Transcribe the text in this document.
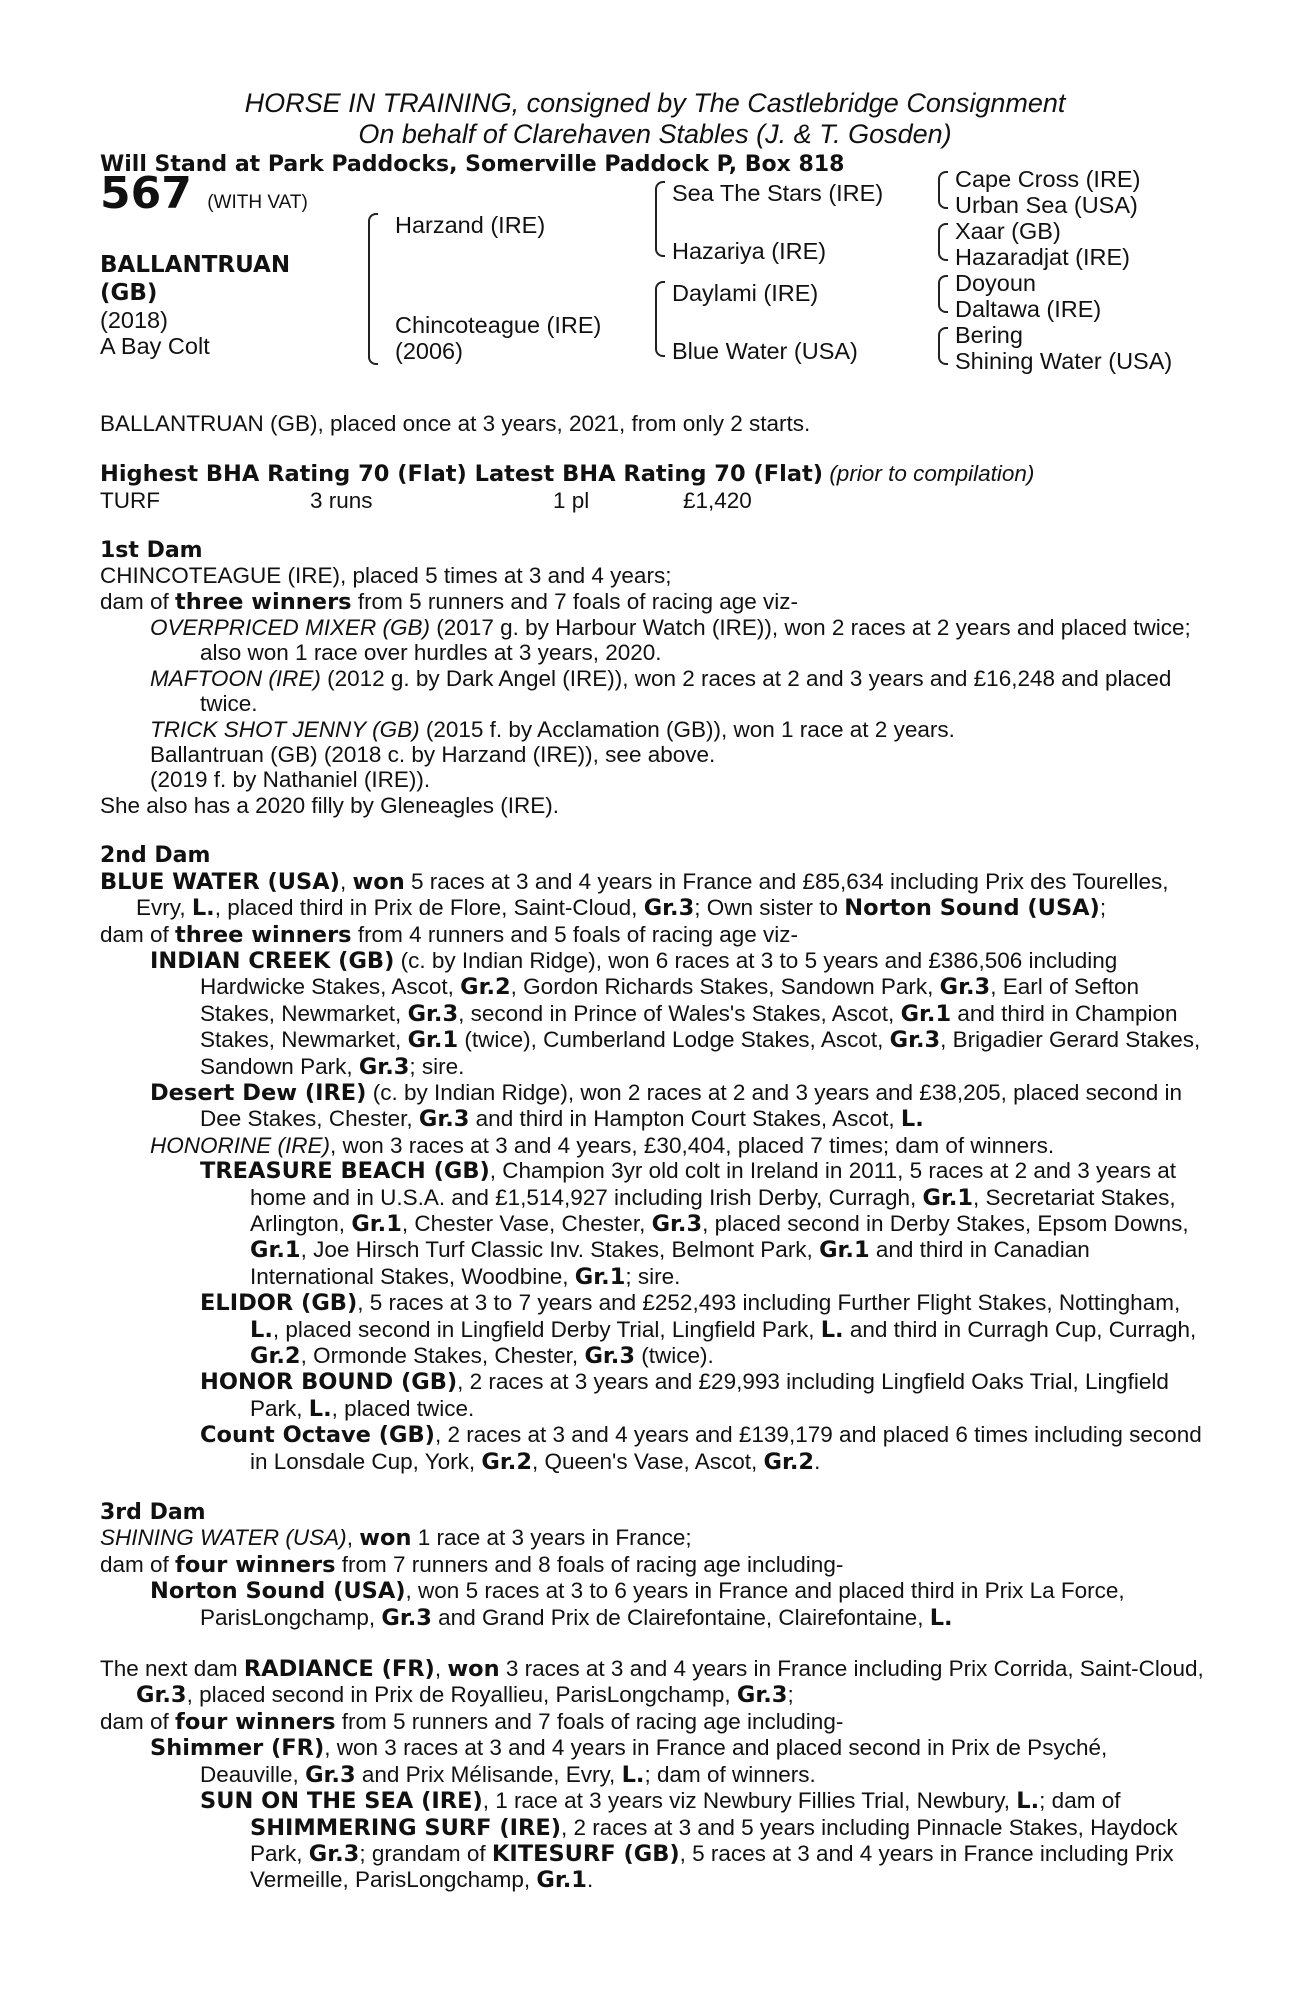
HORSE IN TRAINING, consigned by The Castlebridge Consignment
On behalf of Clarehaven Stables (J. & T. Gosden)
Will Stand at Park Paddocks, Somerville Paddock P, Box 818
567 (WITH VAT)
BALLANTRUAN
(GB)
(2018)
A Bay Colt
Harzand (IRE)
Chincoteague (IRE)
(2006)
Sea The Stars (IRE)
Hazariya (IRE)
Daylami (IRE)
Blue Water (USA)
Cape Cross (IRE)
Urban Sea (USA)
Xaar (GB)
Hazaradjat (IRE)
Doyoun
Daltawa (IRE)
Bering
Shining Water (USA)
BALLANTRUAN (GB), placed once at 3 years, 2021, from only 2 starts.
Highest BHA Rating 70 (Flat) Latest BHA Rating 70 (Flat) (prior to compilation)
TURF	3 runs	1 pl	£1,420
1st Dam
CHINCOTEAGUE (IRE), placed 5 times at 3 and 4 years;
dam of three winners from 5 runners and 7 foals of racing age viz-
OVERPRICED MIXER (GB) (2017 g. by Harbour Watch (IRE)), won 2 races at 2 years and placed twice; also won 1 race over hurdles at 3 years, 2020.
MAFTOON (IRE) (2012 g. by Dark Angel (IRE)), won 2 races at 2 and 3 years and £16,248 and placed twice.
TRICK SHOT JENNY (GB) (2015 f. by Acclamation (GB)), won 1 race at 2 years.
Ballantruan (GB) (2018 c. by Harzand (IRE)), see above.
(2019 f. by Nathaniel (IRE)).
She also has a 2020 filly by Gleneagles (IRE).
2nd Dam
BLUE WATER (USA), won 5 races at 3 and 4 years in France and £85,634 including Prix des Tourelles, Evry, L., placed third in Prix de Flore, Saint-Cloud, Gr.3; Own sister to Norton Sound (USA);
dam of three winners from 4 runners and 5 foals of racing age viz-
INDIAN CREEK (GB) (c. by Indian Ridge), won 6 races at 3 to 5 years and £386,506 including Hardwicke Stakes, Ascot, Gr.2, Gordon Richards Stakes, Sandown Park, Gr.3, Earl of Sefton Stakes, Newmarket, Gr.3, second in Prince of Wales's Stakes, Ascot, Gr.1 and third in Champion Stakes, Newmarket, Gr.1 (twice), Cumberland Lodge Stakes, Ascot, Gr.3, Brigadier Gerard Stakes, Sandown Park, Gr.3; sire.
Desert Dew (IRE) (c. by Indian Ridge), won 2 races at 2 and 3 years and £38,205, placed second in Dee Stakes, Chester, Gr.3 and third in Hampton Court Stakes, Ascot, L.
HONORINE (IRE), won 3 races at 3 and 4 years, £30,404, placed 7 times; dam of winners.
TREASURE BEACH (GB), Champion 3yr old colt in Ireland in 2011, 5 races at 2 and 3 years at home and in U.S.A. and £1,514,927 including Irish Derby, Curragh, Gr.1, Secretariat Stakes, Arlington, Gr.1, Chester Vase, Chester, Gr.3, placed second in Derby Stakes, Epsom Downs, Gr.1, Joe Hirsch Turf Classic Inv. Stakes, Belmont Park, Gr.1 and third in Canadian International Stakes, Woodbine, Gr.1; sire.
ELIDOR (GB), 5 races at 3 to 7 years and £252,493 including Further Flight Stakes, Nottingham, L., placed second in Lingfield Derby Trial, Lingfield Park, L. and third in Curragh Cup, Curragh, Gr.2, Ormonde Stakes, Chester, Gr.3 (twice).
HONOR BOUND (GB), 2 races at 3 years and £29,993 including Lingfield Oaks Trial, Lingfield Park, L., placed twice.
Count Octave (GB), 2 races at 3 and 4 years and £139,179 and placed 6 times including second in Lonsdale Cup, York, Gr.2, Queen's Vase, Ascot, Gr.2.
3rd Dam
SHINING WATER (USA), won 1 race at 3 years in France;
dam of four winners from 7 runners and 8 foals of racing age including-
Norton Sound (USA), won 5 races at 3 to 6 years in France and placed third in Prix La Force, ParisLongchamp, Gr.3 and Grand Prix de Clairefontaine, Clairefontaine, L.
The next dam RADIANCE (FR), won 3 races at 3 and 4 years in France including Prix Corrida, Saint-Cloud, Gr.3, placed second in Prix de Royallieu, ParisLongchamp, Gr.3;
dam of four winners from 5 runners and 7 foals of racing age including-
Shimmer (FR), won 3 races at 3 and 4 years in France and placed second in Prix de Psyché, Deauville, Gr.3 and Prix Mélisande, Evry, L.; dam of winners.
SUN ON THE SEA (IRE), 1 race at 3 years viz Newbury Fillies Trial, Newbury, L.; dam of SHIMMERING SURF (IRE), 2 races at 3 and 5 years including Pinnacle Stakes, Haydock Park, Gr.3; grandam of KITESURF (GB), 5 races at 3 and 4 years in France including Prix Vermeille, ParisLongchamp, Gr.1.
